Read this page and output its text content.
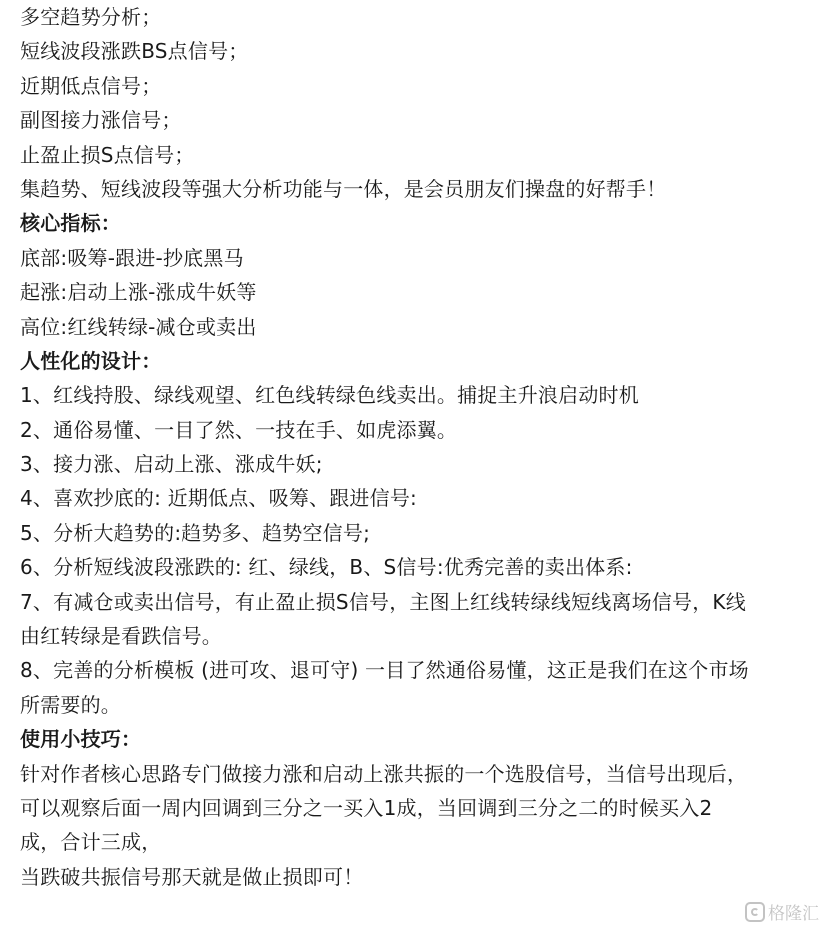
多空趋势分析；
短线波段涨跌BS点信号；
近期低点信号；
副图接力涨信号；
止盈止损S点信号；
集趋势、短线波段等强大分析功能与一体，是会员朋友们操盘的好帮手！
核心指标：
底部:吸筹-跟进-抄底黑马
起涨:启动上涨-涨成牛妖等
高位:红线转绿-减仓或卖出
人性化的设计：
1、红线持股、绿线观望、红色线转绿色线卖出。捕捉主升浪启动时机
2、通俗易懂、一目了然、一技在手、如虎添翼。
3、接力涨、启动上涨、涨成牛妖;
4、喜欢抄底的: 近期低点、吸筹、跟进信号:
5、分析大趋势的:趋势多、趋势空信号;
6、分析短线波段涨跌的: 红、绿线，B、S信号:优秀完善的卖出体系:
7、有减仓或卖出信号，有止盈止损S信号，主图上红线转绿线短线离场信号，K线由红转绿是看跌信号。
8、完善的分析模板 (进可攻、退可守) 一目了然通俗易懂，这正是我们在这个市场所需要的。
使用小技巧：
针对作者核心思路专门做接力涨和启动上涨共振的一个选股信号，当信号出现后，
可以观察后面一周内回调到三分之一买入1成，当回调到三分之二的时候买入2成，合计三成，
当跌破共振信号那天就是做止损即可！
格隆汇
